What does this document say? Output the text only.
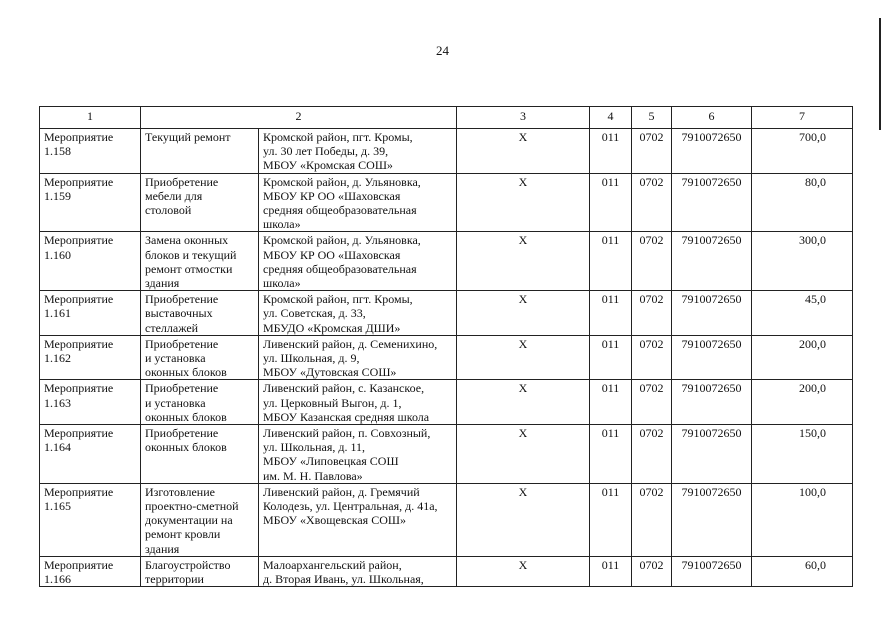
24
1	2		3	4	5	6	7

Мероприятие
1.158	Текущий ремонт	Кромской район, пгт. Кромы,
ул. 30 лет Победы, д. 39,
МБОУ «Кромская СОШ»	Х	011	0702	7910072650	700,0

Мероприятие
1.159	Приобретение
мебели для
столовой	Кромской район, д. Ульяновка,
МБОУ КР ОО «Шаховская
средняя общеобразовательная
школа»	Х	011	0702	7910072650	80,0

Мероприятие
1.160	Замена оконных
блоков и текущий
ремонт отмостки
здания	Кромской район, д. Ульяновка,
МБОУ КР ОО «Шаховская
средняя общеобразовательная
школа»	Х	011	0702	7910072650	300,0

Мероприятие
1.161	Приобретение
выставочных
стеллажей	Кромской район, пгт. Кромы,
ул. Советская, д. 33,
МБУДО «Кромская ДШИ»	Х	011	0702	7910072650	45,0

Мероприятие
1.162	Приобретение
и установка
оконных блоков	Ливенский район, д. Семенихино,
ул. Школьная, д. 9,
МБОУ «Дутовская СОШ»	Х	011	0702	7910072650	200,0

Мероприятие
1.163	Приобретение
и установка
оконных блоков	Ливенский район, с. Казанское,
ул. Церковный Выгон, д. 1,
МБОУ Казанская средняя школа	Х	011	0702	7910072650	200,0

Мероприятие
1.164	Приобретение
оконных блоков	Ливенский район, п. Совхозный,
ул. Школьная, д. 11,
МБОУ «Липовецкая СОШ
им. М. Н. Павлова»	Х	011	0702	7910072650	150,0

Мероприятие
1.165	Изготовление
проектно-сметной
документации на
ремонт кровли
здания	Ливенский район, д. Гремячий
Колодезь, ул. Центральная, д. 41а,
МБОУ «Хвощевская СОШ»	Х	011	0702	7910072650	100,0

Мероприятие
1.166	Благоустройство
территории	Малоархангельский район,
д. Вторая Ивань, ул. Школьная,	Х	011	0702	7910072650	60,0
